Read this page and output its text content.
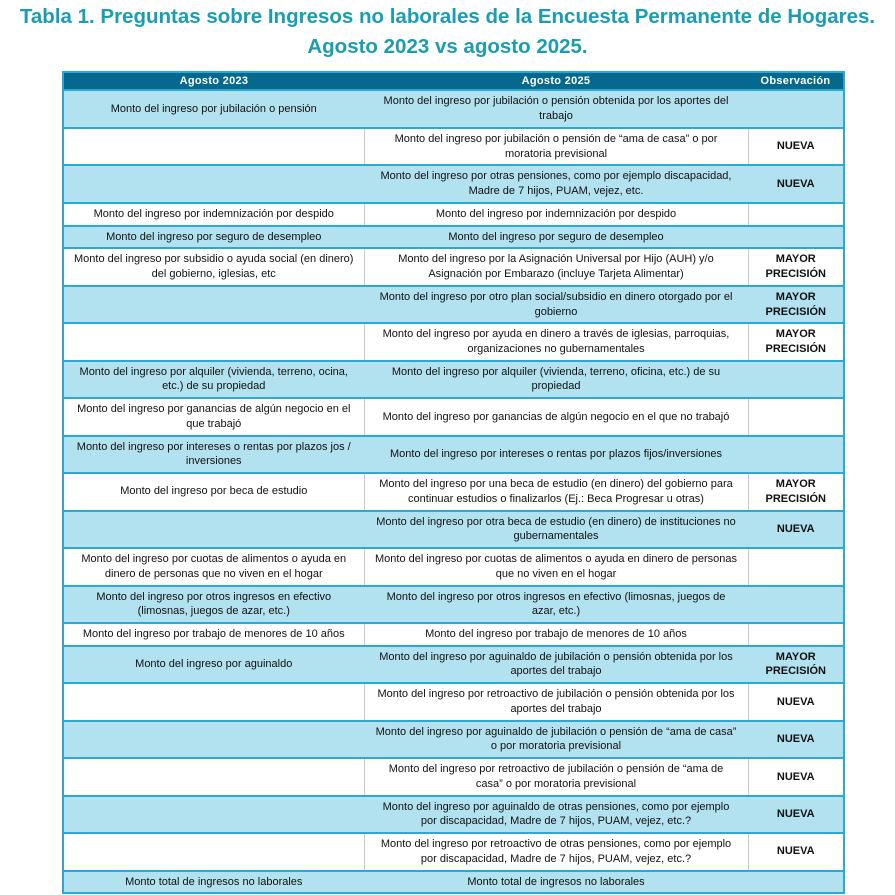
Tabla 1. Preguntas sobre Ingresos no laborales de la Encuesta Permanente de Hogares. Agosto 2023 vs agosto 2025.
Agosto 2023	Agosto 2025	Observación
Monto del ingreso por jubilación o pensión	Monto del ingreso por jubilación o pensión obtenida por los aportes del trabajo	
	Monto del ingreso por jubilación o pensión de “ama de casa” o por moratoria previsional	NUEVA
	Monto del ingreso por otras pensiones, como por ejemplo discapacidad, Madre de 7 hijos, PUAM, vejez, etc.	NUEVA
Monto del ingreso por indemnización por despido	Monto del ingreso por indemnización por despido	
Monto del ingreso por seguro de desempleo	Monto del ingreso por seguro de desempleo	
Monto del ingreso por subsidio o ayuda social (en dinero) del gobierno, iglesias, etc	Monto del ingreso por la Asignación Universal por Hijo (AUH) y/o Asignación por Embarazo (incluye Tarjeta Alimentar)	MAYOR PRECISIÓN
	Monto del ingreso por otro plan social/subsidio en dinero otorgado por el gobierno	MAYOR PRECISIÓN
	Monto del ingreso por ayuda en dinero a través de iglesias, parroquias, organizaciones no gubernamentales	MAYOR PRECISIÓN
Monto del ingreso por alquiler (vivienda, terreno, ocina, etc.) de su propiedad	Monto del ingreso por alquiler (vivienda, terreno, oficina, etc.) de su propiedad	
Monto del ingreso por ganancias de algún negocio en el que trabajó	Monto del ingreso por ganancias de algún negocio en el que no trabajó	
Monto del ingreso por intereses o rentas por plazos jos / inversiones	Monto del ingreso por intereses o rentas por plazos fijos/inversiones	
Monto del ingreso por beca de estudio	Monto del ingreso por una beca de estudio (en dinero) del gobierno para continuar estudios o finalizarlos (Ej.: Beca Progresar u otras)	MAYOR PRECISIÓN
	Monto del ingreso por otra beca de estudio (en dinero) de instituciones no gubernamentales	NUEVA
Monto del ingreso por cuotas de alimentos o ayuda en dinero de personas que no viven en el hogar	Monto del ingreso por cuotas de alimentos o ayuda en dinero de personas que no viven en el hogar	
Monto del ingreso por otros ingresos en efectivo (limosnas, juegos de azar, etc.)	Monto del ingreso por otros ingresos en efectivo (limosnas, juegos de azar, etc.)	
Monto del ingreso por trabajo de menores de 10 años	Monto del ingreso por trabajo de menores de 10 años	
Monto del ingreso por aguinaldo	Monto del ingreso por aguinaldo de jubilación o pensión obtenida por los aportes del trabajo	MAYOR PRECISIÓN
	Monto del ingreso por retroactivo de jubilación o pensión obtenida por los aportes del trabajo	NUEVA
	Monto del ingreso por aguinaldo de jubilación o pensión de “ama de casa” o por moratoria previsional	NUEVA
	Monto del ingreso por retroactivo de jubilación o pensión de “ama de casa” o por moratoria previsional	NUEVA
	Monto del ingreso por aguinaldo de otras pensiones, como por ejemplo por discapacidad, Madre de 7 hijos, PUAM, vejez, etc.?	NUEVA
	Monto del ingreso por retroactivo de otras pensiones, como por ejemplo por discapacidad, Madre de 7 hijos, PUAM, vejez, etc.?	NUEVA
Monto total de ingresos no laborales	Monto total de ingresos no laborales	
